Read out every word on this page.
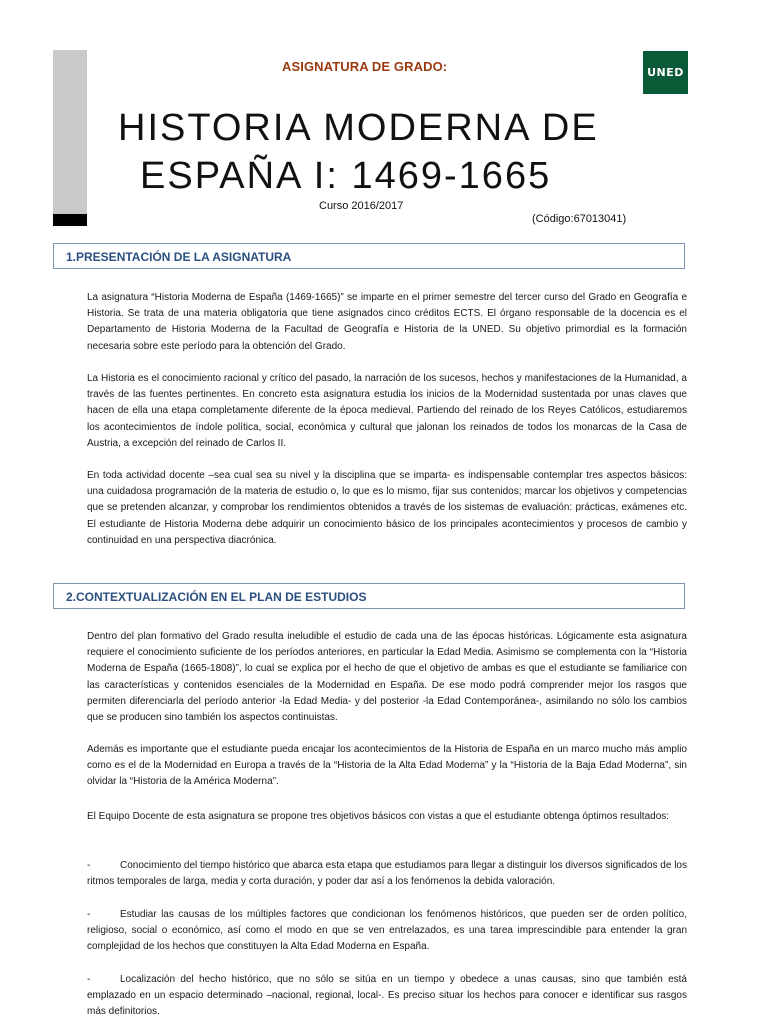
UNED
ASIGNATURA DE GRADO:
HISTORIA MODERNA DE
ESPAÑA I: 1469-1665
Curso 2016/2017
(Código:67013041)
1.PRESENTACIÓN DE LA ASIGNATURA

La asignatura “Historia Moderna de España (1469-1665)” se imparte en el primer semestre del tercer curso del Grado en Geografía e Historia. Se trata de una materia obligatoria que tiene asignados cinco créditos ECTS. El órgano responsable de la docencia es el Departamento de Historia Moderna de la Facultad de Geografía e Historia de la UNED. Su objetivo primordial es la formación necesaria sobre este período para la obtención del Grado.

La Historia es el conocimiento racional y crítico del pasado, la narración de los sucesos, hechos y manifestaciones de la Humanidad, a través de las fuentes pertinentes. En concreto esta asignatura estudia los inicios de la Modernidad sustentada por unas claves que hacen de ella una etapa completamente diferente de la época medieval. Partiendo del reinado de los Reyes Católicos, estudiaremos los acontecimientos de índole política, social, económica y cultural que jalonan los reinados de todos los monarcas de la Casa de Austria, a excepción del reinado de Carlos II.

En toda actividad docente –sea cual sea su nivel y la disciplina que se imparta- es indispensable contemplar tres aspectos básicos: una cuidadosa programación de la materia de estudio o, lo que es lo mismo, fijar sus contenidos; marcar los objetivos y competencias que se pretenden alcanzar, y comprobar los rendimientos obtenidos a través de los sistemas de evaluación: prácticas, exámenes etc. El estudiante de Historia Moderna debe adquirir un conocimiento básico de los principales acontecimientos y procesos de cambio y continuidad en una perspectiva diacrónica.

2.CONTEXTUALIZACIÓN EN EL PLAN DE ESTUDIOS

Dentro del plan formativo del Grado resulta ineludible el estudio de cada una de las épocas históricas. Lógicamente esta asignatura requiere el conocimiento suficiente de los períodos anteriores, en particular la Edad Media. Asimismo se complementa con la “Historia Moderna de España (1665-1808)”, lo cual se explica por el hecho de que el objetivo de ambas es que el estudiante se familiarice con las características y contenidos esenciales de la Modernidad en España. De ese modo podrá comprender mejor los rasgos que permiten diferenciarla del período anterior -la Edad Media- y del posterior -la Edad Contemporánea-, asimilando no sólo los cambios que se producen sino también los aspectos continuistas.

Además es importante que el estudiante pueda encajar los acontecimientos de la Historia de España en un marco mucho más amplio como es el de la Modernidad en Europa a través de la “Historia de la Alta Edad Moderna” y la “Historia de la Baja Edad Moderna”, sin olvidar la “Historia de la América Moderna”.

El Equipo Docente de esta asignatura se propone tres objetivos básicos con vistas a que el estudiante obtenga óptimos resultados:

-	Conocimiento del tiempo histórico que abarca esta etapa que estudiamos para llegar a distinguir los diversos significados de los ritmos temporales de larga, media y corta duración, y poder dar así a los fenómenos la debida valoración.

-	Estudiar las causas de los múltiples factores que condicionan los fenómenos históricos, que pueden ser de orden político, religioso, social o económico, así como el modo en que se ven entrelazados, es una tarea imprescindible para entender la gran complejidad de los hechos que constituyen la Alta Edad Moderna en España.

-	Localización del hecho histórico, que no sólo se sitúa en un tiempo y obedece a unas causas, sino que también está emplazado en un espacio determinado –nacional, regional, local-. Es preciso situar los hechos para conocer e identificar sus rasgos más definitorios.
